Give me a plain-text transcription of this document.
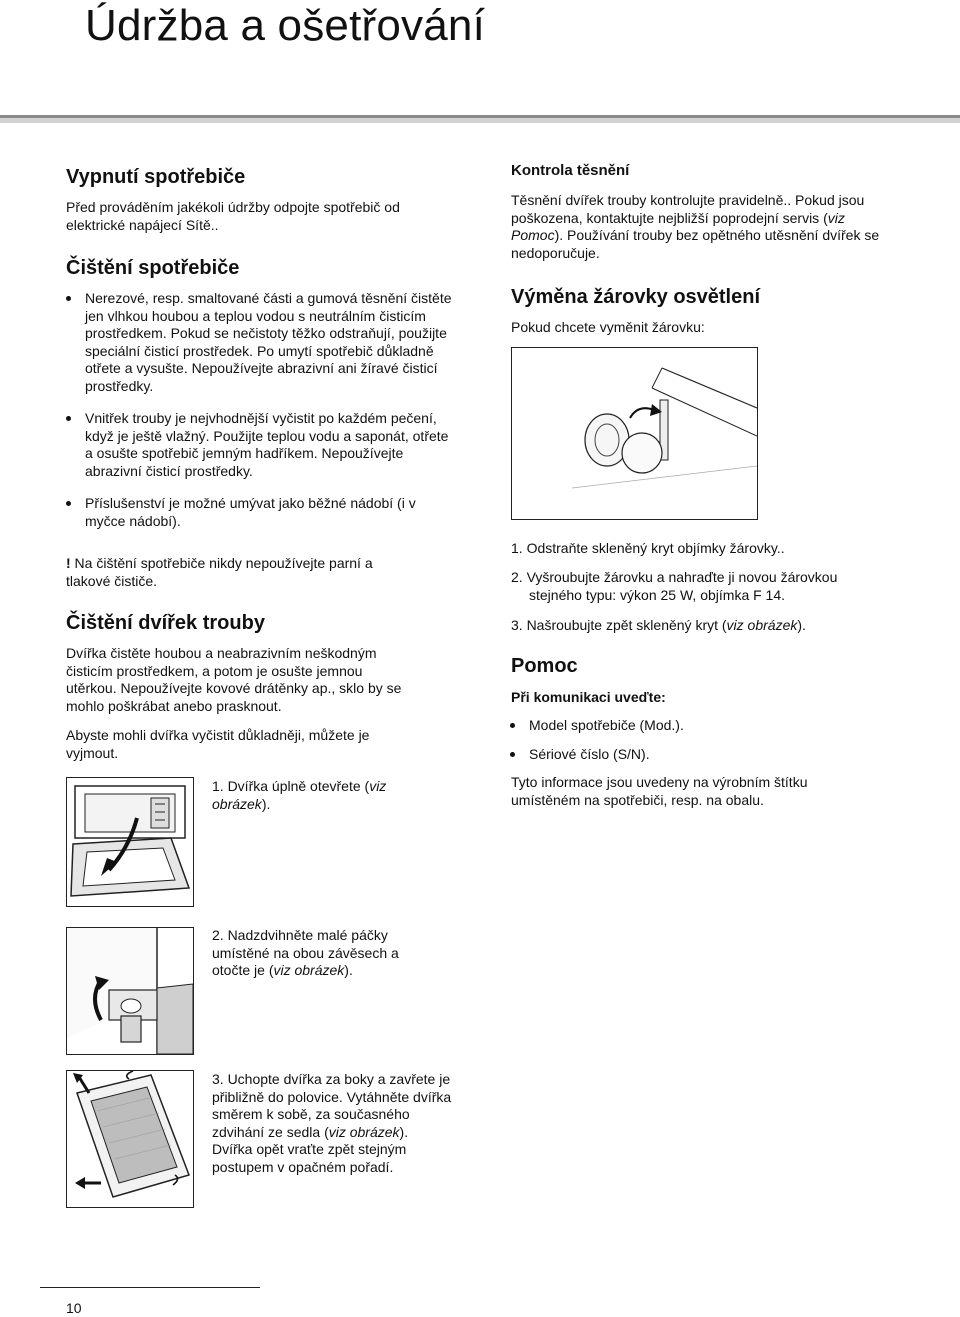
Údržba a ošetřování
Vypnutí spotřebiče

Před prováděním jakékoli údržby odpojte spotřebič od elektrické napájecí Sítě..

Čištění spotřebiče
Nerezové, resp. smaltované části a gumová těsnění čistěte jen vlhkou houbou a teplou vodou s neutrálním čisticím prostředkem. Pokud se nečistoty těžko odstraňují, použijte speciální čisticí prostředek. Po umytí spotřebič důkladně otřete a vysušte. Nepoužívejte abrazivní ani žíravé čisticí prostředky.
Vnitřek trouby je nejvhodnější vyčistit po každém pečení, když je ještě vlažný. Použijte teplou vodu a saponát, otřete a osušte spotřebič jemným hadříkem. Nepoužívejte abrazivní čisticí prostředky.
Příslušenství je možné umývat jako běžné nádobí (i v myčce nádobí).

! Na čištění spotřebiče nikdy nepoužívejte parní a tlakové čističe.

Čištění dvířek trouby

Dvířka čistěte houbou a neabrazivním neškodným čisticím prostředkem, a potom je osušte jemnou utěrkou. Nepoužívejte kovové drátěnky ap., sklo by se mohlo poškrábat anebo prasknout.

Abyste mohli dvířka vyčistit důkladněji, můžete je vyjmout.

1. Dvířka úplně otevřete (viz obrázek).

2. Nadzdvihněte malé páčky umístěné na obou závěsech a otočte je (viz obrázek).

3. Uchopte dvířka za boky a zavřete je přibližně do polovice. Vytáhněte dvířka směrem k sobě, za současného zdvihání ze sedla (viz obrázek). Dvířka opět vraťte zpět stejným postupem v opačném pořadí.

Kontrola těsnění

Těsnění dvířek trouby kontrolujte pravidelně.. Pokud jsou poškozena, kontaktujte nejbližší poprodejní servis (viz Pomoc). Používání trouby bez opětného utěsnění dvířek se nedoporučuje.

Výměna žárovky osvětlení

Pokud chcete vyměnit žárovku:

1. Odstraňte skleněný kryt objímky žárovky..

2. Vyšroubujte žárovku a nahraďte ji novou žárovkou
stejného typu: výkon 25 W, objímka F 14.

3. Našroubujte zpět skleněný kryt (viz obrázek).

Pomoc
Při komunikaci uveďte:
Model spotřebiče (Mod.).
Sériové číslo (S/N).

Tyto informace jsou uvedeny na výrobním štítku umístěném na spotřebiči, resp. na obalu.

10
